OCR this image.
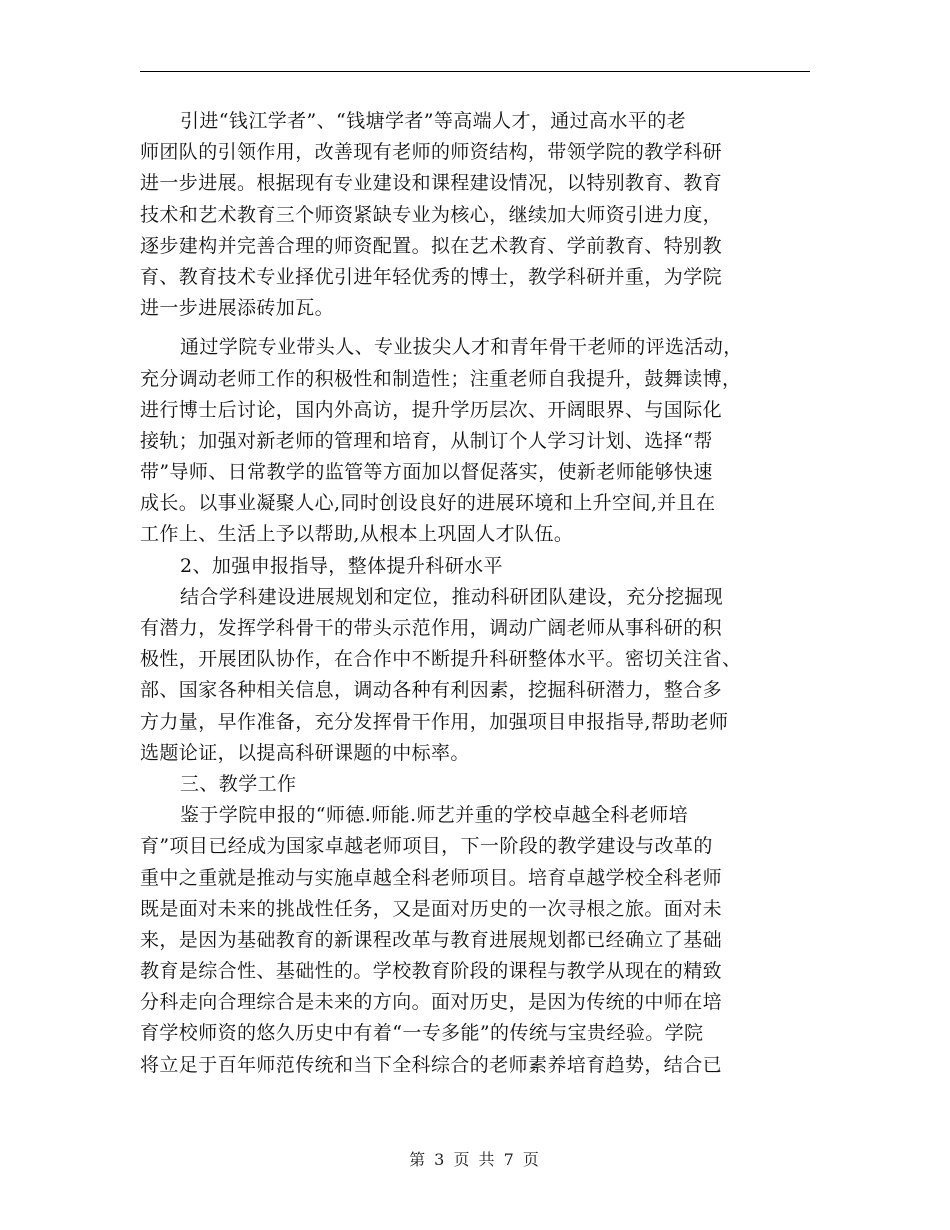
引进“钱江学者”、“钱塘学者”等高端人才，通过高水平的老
师团队的引领作用，改善现有老师的师资结构，带领学院的教学科研
进一步进展。根据现有专业建设和课程建设情况，以特别教育、教育
技术和艺术教育三个师资紧缺专业为核心，继续加大师资引进力度，
逐步建构并完善合理的师资配置。拟在艺术教育、学前教育、特别教
育、教育技术专业择优引进年轻优秀的博士，教学科研并重，为学院
进一步进展添砖加瓦。
通过学院专业带头人、专业拔尖人才和青年骨干老师的评选活动，
充分调动老师工作的积极性和制造性；注重老师自我提升，鼓舞读博，
进行博士后讨论，国内外高访，提升学历层次、开阔眼界、与国际化
接轨；加强对新老师的管理和培育，从制订个人学习计划、选择“帮
带”导师、日常教学的监管等方面加以督促落实，使新老师能够快速
成长。以事业凝聚人心,同时创设良好的进展环境和上升空间,并且在
工作上、生活上予以帮助,从根本上巩固人才队伍。
2、加强申报指导，整体提升科研水平
结合学科建设进展规划和定位，推动科研团队建设，充分挖掘现
有潜力，发挥学科骨干的带头示范作用，调动广阔老师从事科研的积
极性，开展团队协作，在合作中不断提升科研整体水平。密切关注省、
部、国家各种相关信息，调动各种有利因素，挖掘科研潜力，整合多
方力量，早作准备，充分发挥骨干作用，加强项目申报指导,帮助老师
选题论证，以提高科研课题的中标率。
三、教学工作
鉴于学院申报的“师德.师能.师艺并重的学校卓越全科老师培
育”项目已经成为国家卓越老师项目，下一阶段的教学建设与改革的
重中之重就是推动与实施卓越全科老师项目。培育卓越学校全科老师
既是面对未来的挑战性任务，又是面对历史的一次寻根之旅。面对未
来，是因为基础教育的新课程改革与教育进展规划都已经确立了基础
教育是综合性、基础性的。学校教育阶段的课程与教学从现在的精致
分科走向合理综合是未来的方向。面对历史，是因为传统的中师在培
育学校师资的悠久历史中有着“一专多能”的传统与宝贵经验。学院
将立足于百年师范传统和当下全科综合的老师素养培育趋势，结合已
第 3 页 共 7 页
